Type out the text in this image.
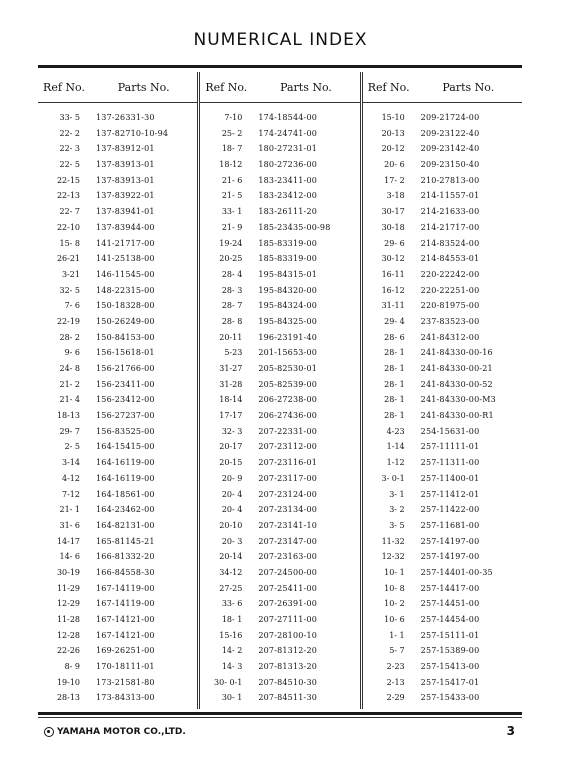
NUMERICAL INDEX
Ref No.	Parts No.
33- 5	137-26331-30
22- 2	137-82710-10-94
22- 3	137-83912-01
22- 5	137-83913-01
22-15	137-83913-01
22-13	137-83922-01
22- 7	137-83941-01
22-10	137-83944-00
15- 8	141-21717-00
26-21	141-25138-00
3-21	146-11545-00
32- 5	148-22315-00
7- 6	150-18328-00
22-19	150-26249-00
28- 2	150-84153-00
9- 6	156-15618-01
24- 8	156-21766-00
21- 2	156-23411-00
21- 4	156-23412-00
18-13	156-27237-00
29- 7	156-83525-00
2- 5	164-15415-00
3-14	164-16119-00
4-12	164-16119-00
7-12	164-18561-00
21- 1	164-23462-00
31- 6	164-82131-00
14-17	165-81145-21
14- 6	166-81332-20
30-19	166-84558-30
11-29	167-14119-00
12-29	167-14119-00
11-28	167-14121-00
12-28	167-14121-00
22-26	169-26251-00
8- 9	170-18111-01
19-10	173-21581-80
28-13	173-84313-00
Ref No.	Parts No.
7-10	174-18544-00
25- 2	174-24741-00
18- 7	180-27231-01
18-12	180-27236-00
21- 6	183-23411-00
21- 5	183-23412-00
33- 1	183-26111-20
21- 9	185-23435-00-98
19-24	185-83319-00
20-25	185-83319-00
28- 4	195-84315-01
28- 3	195-84320-00
28- 7	195-84324-00
28- 8	195-84325-00
20-11	196-23191-40
5-23	201-15653-00
31-27	205-82530-01
31-28	205-82539-00
18-14	206-27238-00
17-17	206-27436-00
32- 3	207-22331-00
20-17	207-23112-00
20-15	207-23116-01
20- 9	207-23117-00
20- 4	207-23124-00
20- 4	207-23134-00
20-10	207-23141-10
20- 3	207-23147-00
20-14	207-23163-00
34-12	207-24500-00
27-25	207-25411-00
33- 6	207-26391-00
18- 1	207-27111-00
15-16	207-28100-10
14- 2	207-81312-20
14- 3	207-81313-20
30- 0-1	207-84510-30
30- 1	207-84511-30
Ref No.	Parts No.
15-10	209-21724-00
20-13	209-23122-40
20-12	209-23142-40
20- 6	209-23150-40
17- 2	210-27813-00
3-18	214-11557-01
30-17	214-21633-00
30-18	214-21717-00
29- 6	214-83524-00
30-12	214-84553-01
16-11	220-22242-00
16-12	220-22251-00
31-11	220-81975-00
29- 4	237-83523-00
28- 6	241-84312-00
28- 1	241-84330-00-16
28- 1	241-84330-00-21
28- 1	241-84330-00-52
28- 1	241-84330-00-M3
28- 1	241-84330-00-R1
4-23	254-15631-00
1-14	257-11111-01
1-12	257-11311-00
3- 0-1	257-11400-01
3- 1	257-11412-01
3- 2	257-11422-00
3- 5	257-11681-00
11-32	257-14197-00
12-32	257-14197-00
10- 1	257-14401-00-35
10- 8	257-14417-00
10- 2	257-14451-00
10- 6	257-14454-00
1- 1	257-15111-01
5- 7	257-15389-00
2-23	257-15413-00
2-13	257-15417-01
2-29	257-15433-00
YAMAHA MOTOR CO.,LTD.	3
